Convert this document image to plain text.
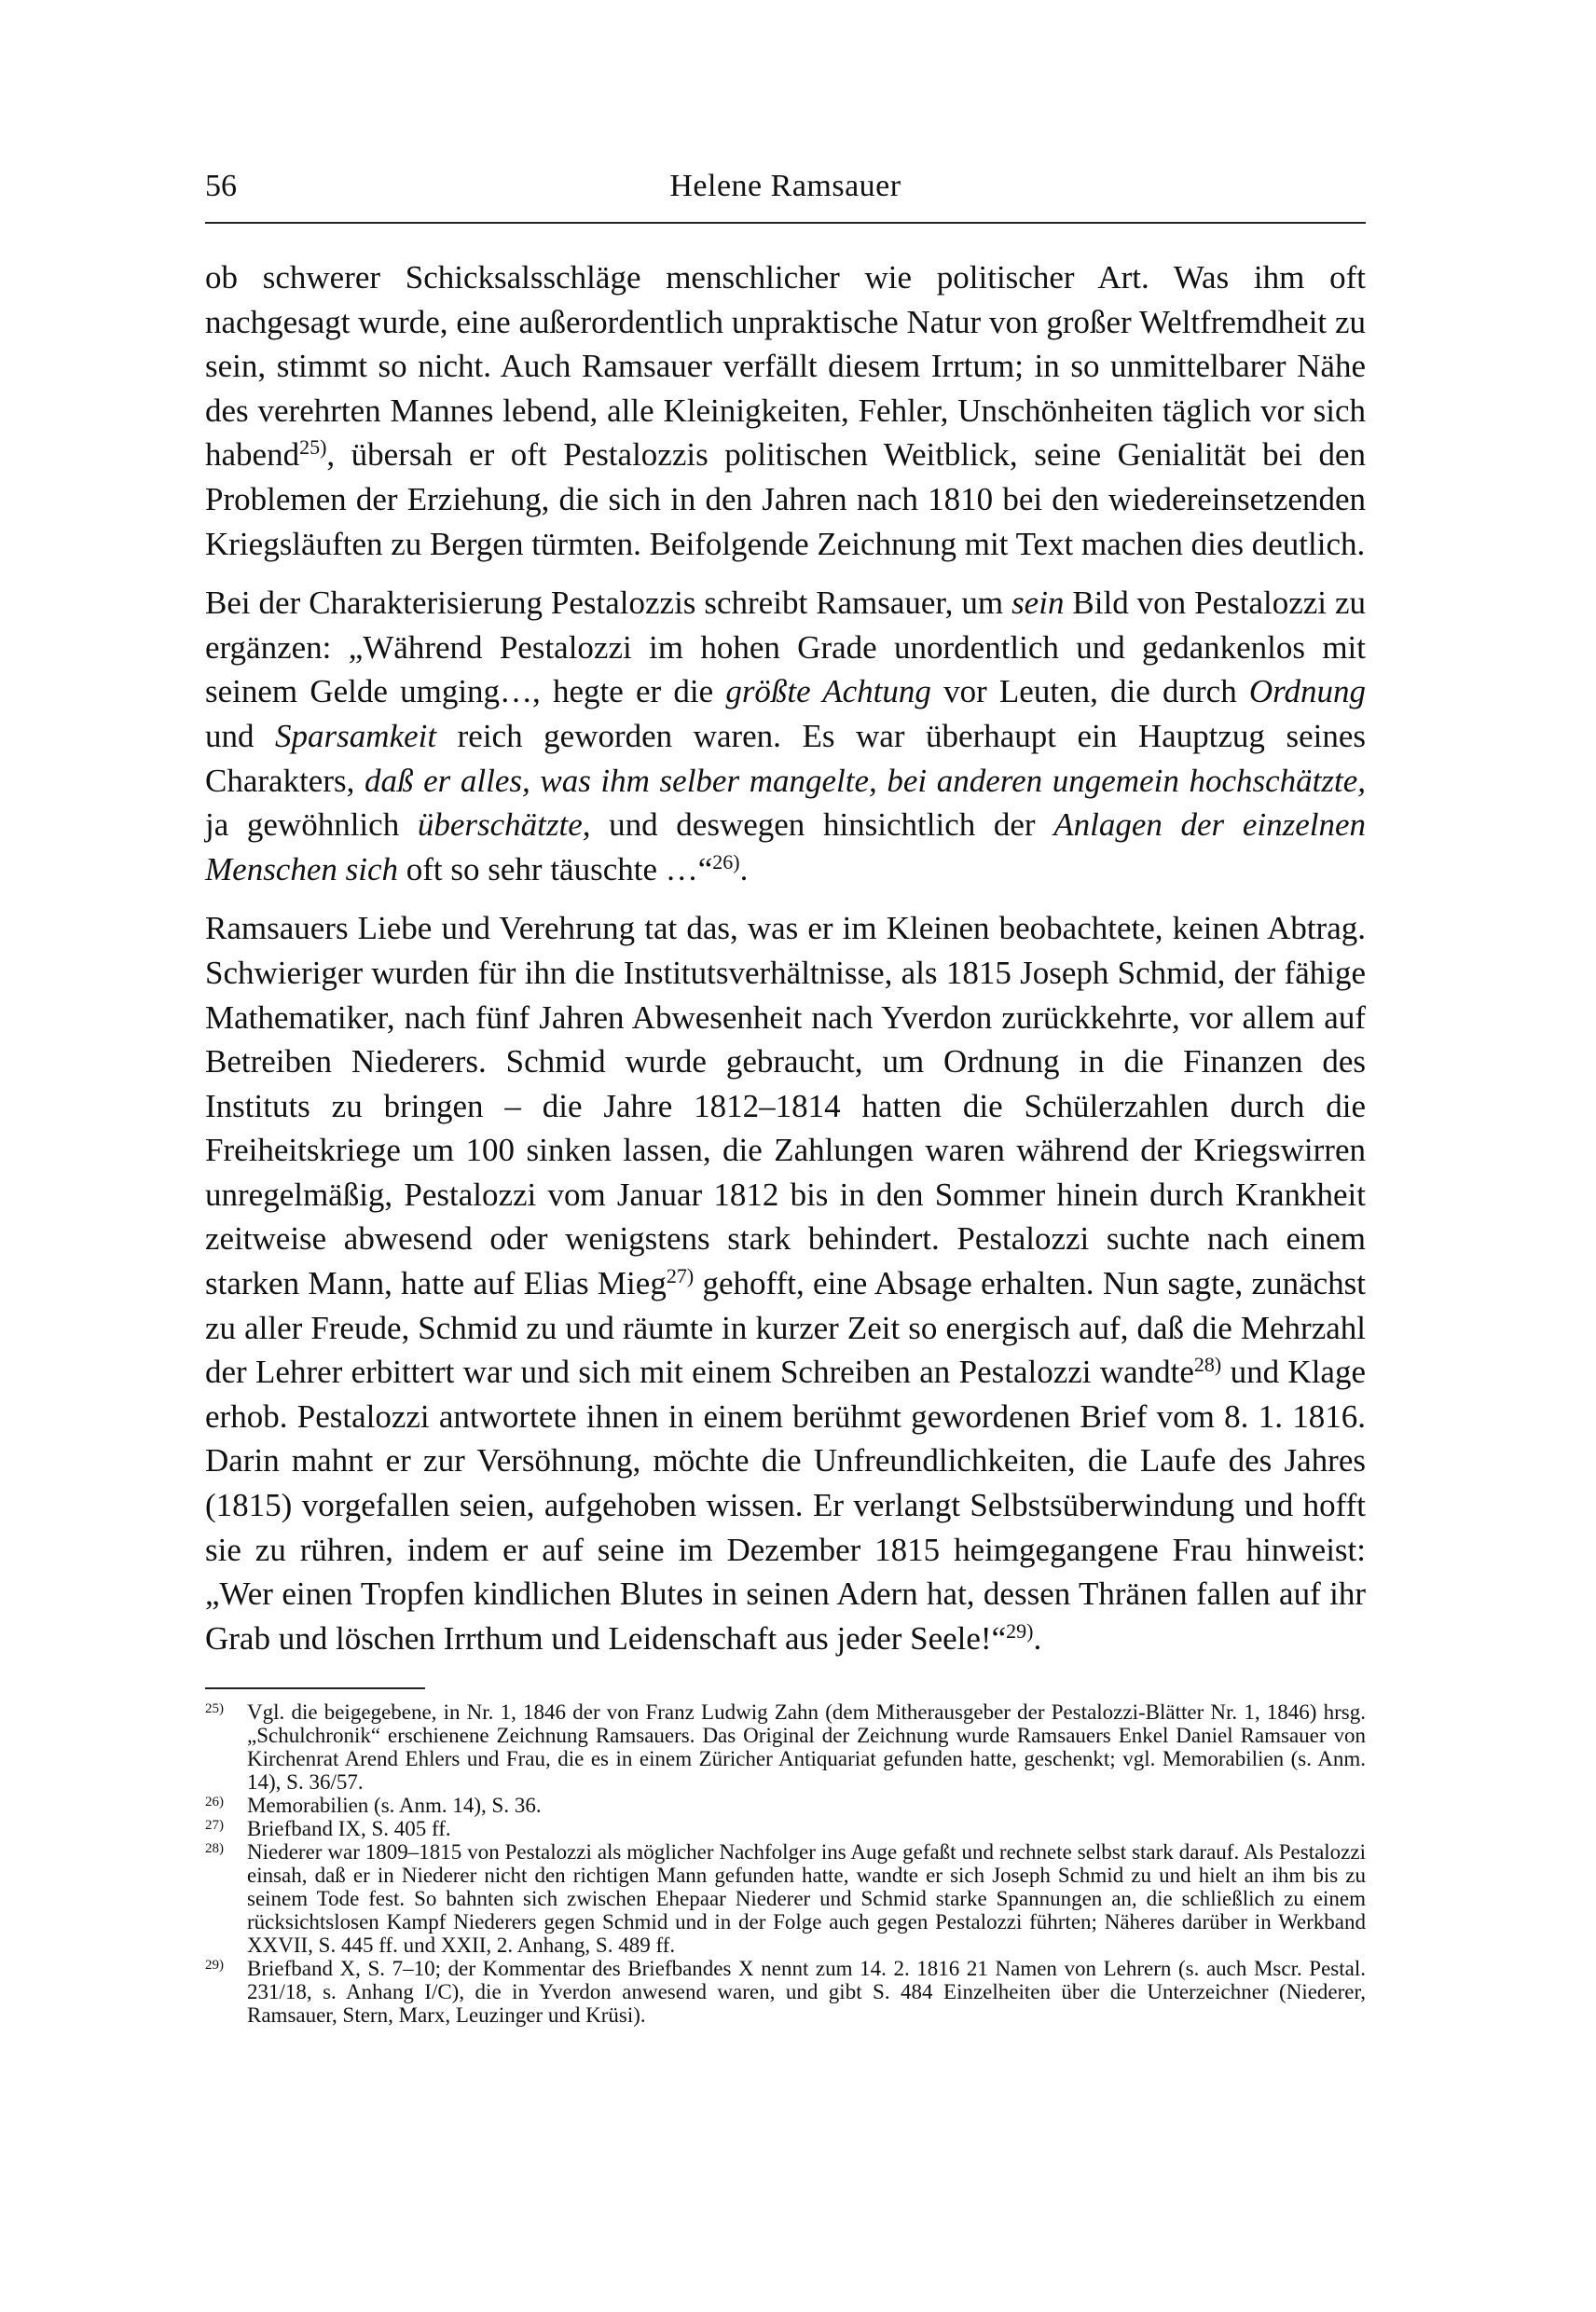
56	Helene Ramsauer

ob schwerer Schicksalsschläge menschlicher wie politischer Art. Was ihm oft nachgesagt wurde, eine außerordentlich unpraktische Natur von großer Weltfremdheit zu sein, stimmt so nicht. Auch Ramsauer verfällt diesem Irrtum; in so unmittelbarer Nähe des verehrten Mannes lebend, alle Kleinigkeiten, Fehler, Unschönheiten täglich vor sich habend$^{25)}$, übersah er oft Pestalozzis politischen Weitblick, seine Genialität bei den Problemen der Erziehung, die sich in den Jahren nach 1810 bei den wiedereinsetzenden Kriegsläuften zu Bergen türmten. Beifolgende Zeichnung mit Text machen dies deutlich.

Bei der Charakterisierung Pestalozzis schreibt Ramsauer, um sein Bild von Pestalozzi zu ergänzen: „Während Pestalozzi im hohen Grade unordentlich und gedankenlos mit seinem Gelde umging…, hegte er die größte Achtung vor Leuten, die durch Ordnung und Sparsamkeit reich geworden waren. Es war überhaupt ein Hauptzug seines Charakters, daß er alles, was ihm selber mangelte, bei anderen ungemein hochschätzte, ja gewöhnlich überschätzte, und deswegen hinsichtlich der Anlagen der einzelnen Menschen sich oft so sehr täuschte …“$^{26)}$.

Ramsauers Liebe und Verehrung tat das, was er im Kleinen beobachtete, keinen Abtrag. Schwieriger wurden für ihn die Institutsverhältnisse, als 1815 Joseph Schmid, der fähige Mathematiker, nach fünf Jahren Abwesenheit nach Yverdon zurückkehrte, vor allem auf Betreiben Niederers. Schmid wurde gebraucht, um Ordnung in die Finanzen des Instituts zu bringen – die Jahre 1812–1814 hatten die Schülerzahlen durch die Freiheitskriege um 100 sinken lassen, die Zahlungen waren während der Kriegswirren unregelmäßig, Pestalozzi vom Januar 1812 bis in den Sommer hinein durch Krankheit zeitweise abwesend oder wenigstens stark behindert. Pestalozzi suchte nach einem starken Mann, hatte auf Elias Mieg$^{27)}$ gehofft, eine Absage erhalten. Nun sagte, zunächst zu aller Freude, Schmid zu und räumte in kurzer Zeit so energisch auf, daß die Mehrzahl der Lehrer erbittert war und sich mit einem Schreiben an Pestalozzi wandte$^{28)}$ und Klage erhob. Pestalozzi antwortete ihnen in einem berühmt gewordenen Brief vom 8. 1. 1816. Darin mahnt er zur Versöhnung, möchte die Unfreundlichkeiten, die Laufe des Jahres (1815) vorgefallen seien, aufgehoben wissen. Er verlangt Selbstsüberwindung und hofft sie zu rühren, indem er auf seine im Dezember 1815 heimgegangene Frau hinweist: „Wer einen Tropfen kindlichen Blutes in seinen Adern hat, dessen Thränen fallen auf ihr Grab und löschen Irrthum und Leidenschaft aus jeder Seele!“$^{29)}$.

25) Vgl. die beigegebene, in Nr. 1, 1846 der von Franz Ludwig Zahn (dem Mitherausgeber der Pestalozzi-Blätter Nr. 1, 1846) hrsg. „Schulchronik“ erschienene Zeichnung Ramsauers. Das Original der Zeichnung wurde Ramsauers Enkel Daniel Ramsauer von Kirchenrat Arend Ehlers und Frau, die es in einem Züricher Antiquariat gefunden hatte, geschenkt; vgl. Memorabilien (s. Anm. 14), S. 36/57.

26) Memorabilien (s. Anm. 14), S. 36.

27) Briefband IX, S. 405 ff.

28) Niederer war 1809–1815 von Pestalozzi als möglicher Nachfolger ins Auge gefaßt und rechnete selbst stark darauf. Als Pestalozzi einsah, daß er in Niederer nicht den richtigen Mann gefunden hatte, wandte er sich Joseph Schmid zu und hielt an ihm bis zu seinem Tode fest. So bahnten sich zwischen Ehepaar Niederer und Schmid starke Spannungen an, die schließlich zu einem rücksichtslosen Kampf Niederers gegen Schmid und in der Folge auch gegen Pestalozzi führten; Näheres darüber in Werkband XXVII, S. 445 ff. und XXII, 2. Anhang, S. 489 ff.

29) Briefband X, S. 7–10; der Kommentar des Briefbandes X nennt zum 14. 2. 1816 21 Namen von Lehrern (s. auch Mscr. Pestal. 231/18, s. Anhang I/C), die in Yverdon anwesend waren, und gibt S. 484 Einzelheiten über die Unterzeichner (Niederer, Ramsauer, Stern, Marx, Leuzinger und Krüsi).
